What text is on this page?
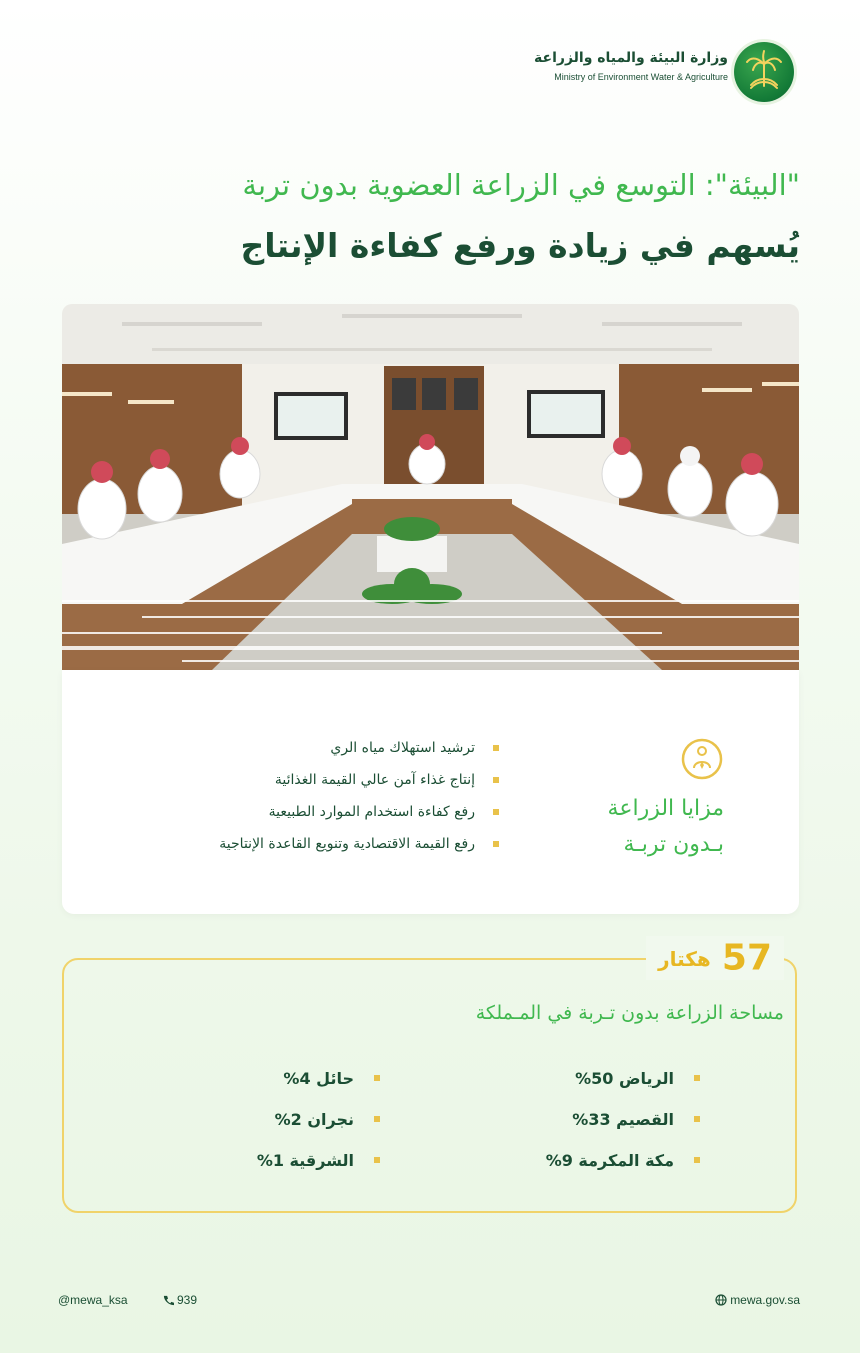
وزارة البيئة والمياه والزراعة
Ministry of Environment Water & Agriculture
"البيئة": التوسع في الزراعة العضوية بدون تربة
يُسهم في زيادة ورفع كفاءة الإنتاج
مزايا الزراعة
بـدون تربـة
ترشيد استهلاك مياه الري
إنتاج غذاء آمن عالي القيمة الغذائية
رفع كفاءة استخدام الموارد الطبيعية
رفع القيمة الاقتصادية وتنويع القاعدة الإنتاجية
57 هكتار
مساحة الزراعة بدون تـربة في المـملكة
الرياض 50%
القصيم 33%
مكة المكرمة 9%
حائل 4%
نجران 2%
الشرقية 1%
mewa.gov.sa
@mewa_ksa	939
